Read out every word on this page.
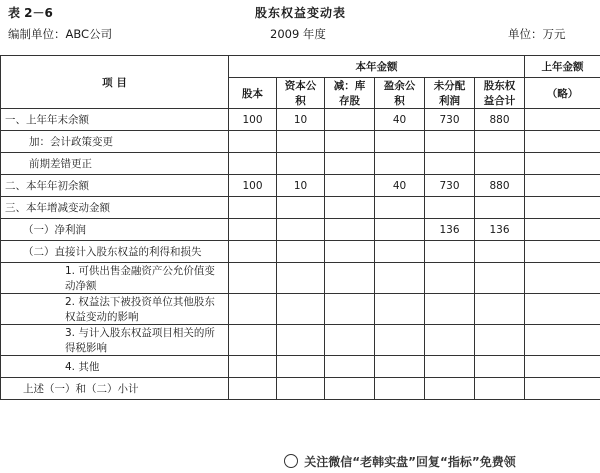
表 2－6	股东权益变动表
编制单位：ABC公司	2009 年度	单位：万元
项 目	本年金额						上年金额
	股本	资本公积	减：库存股	盈余公积	未分配利润	股东权益合计	（略）
一、上年年末余额	100	10		40	730	880	
加：会计政策变更							
前期差错更正							
二、本年年初余额	100	10		40	730	880	
三、本年增减变动金额							
（一）净利润					136	136	
（二）直接计入股东权益的利得和损失							
1. 可供出售金融资产公允价值变动净额							
2. 权益法下被投资单位其他股东权益变动的影响							
3. 与计入股东权益项目相关的所得税影响							
4. 其他							
上述（一）和（二）小计							
关注微信“老韩实盘”回复“指标”免费领
